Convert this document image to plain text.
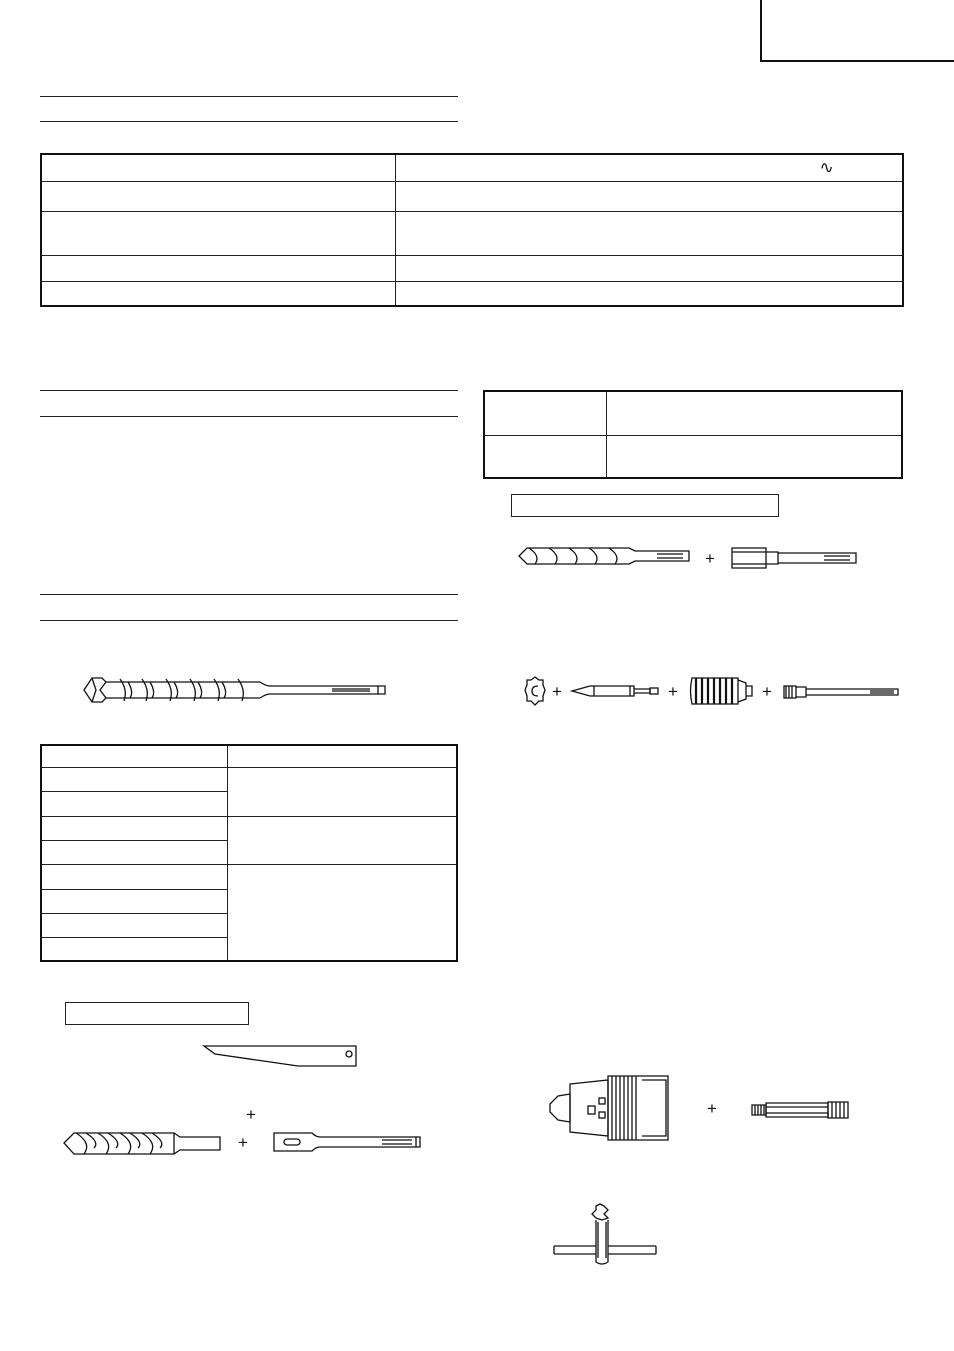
	∿

+
+

+
+	+	+
+
